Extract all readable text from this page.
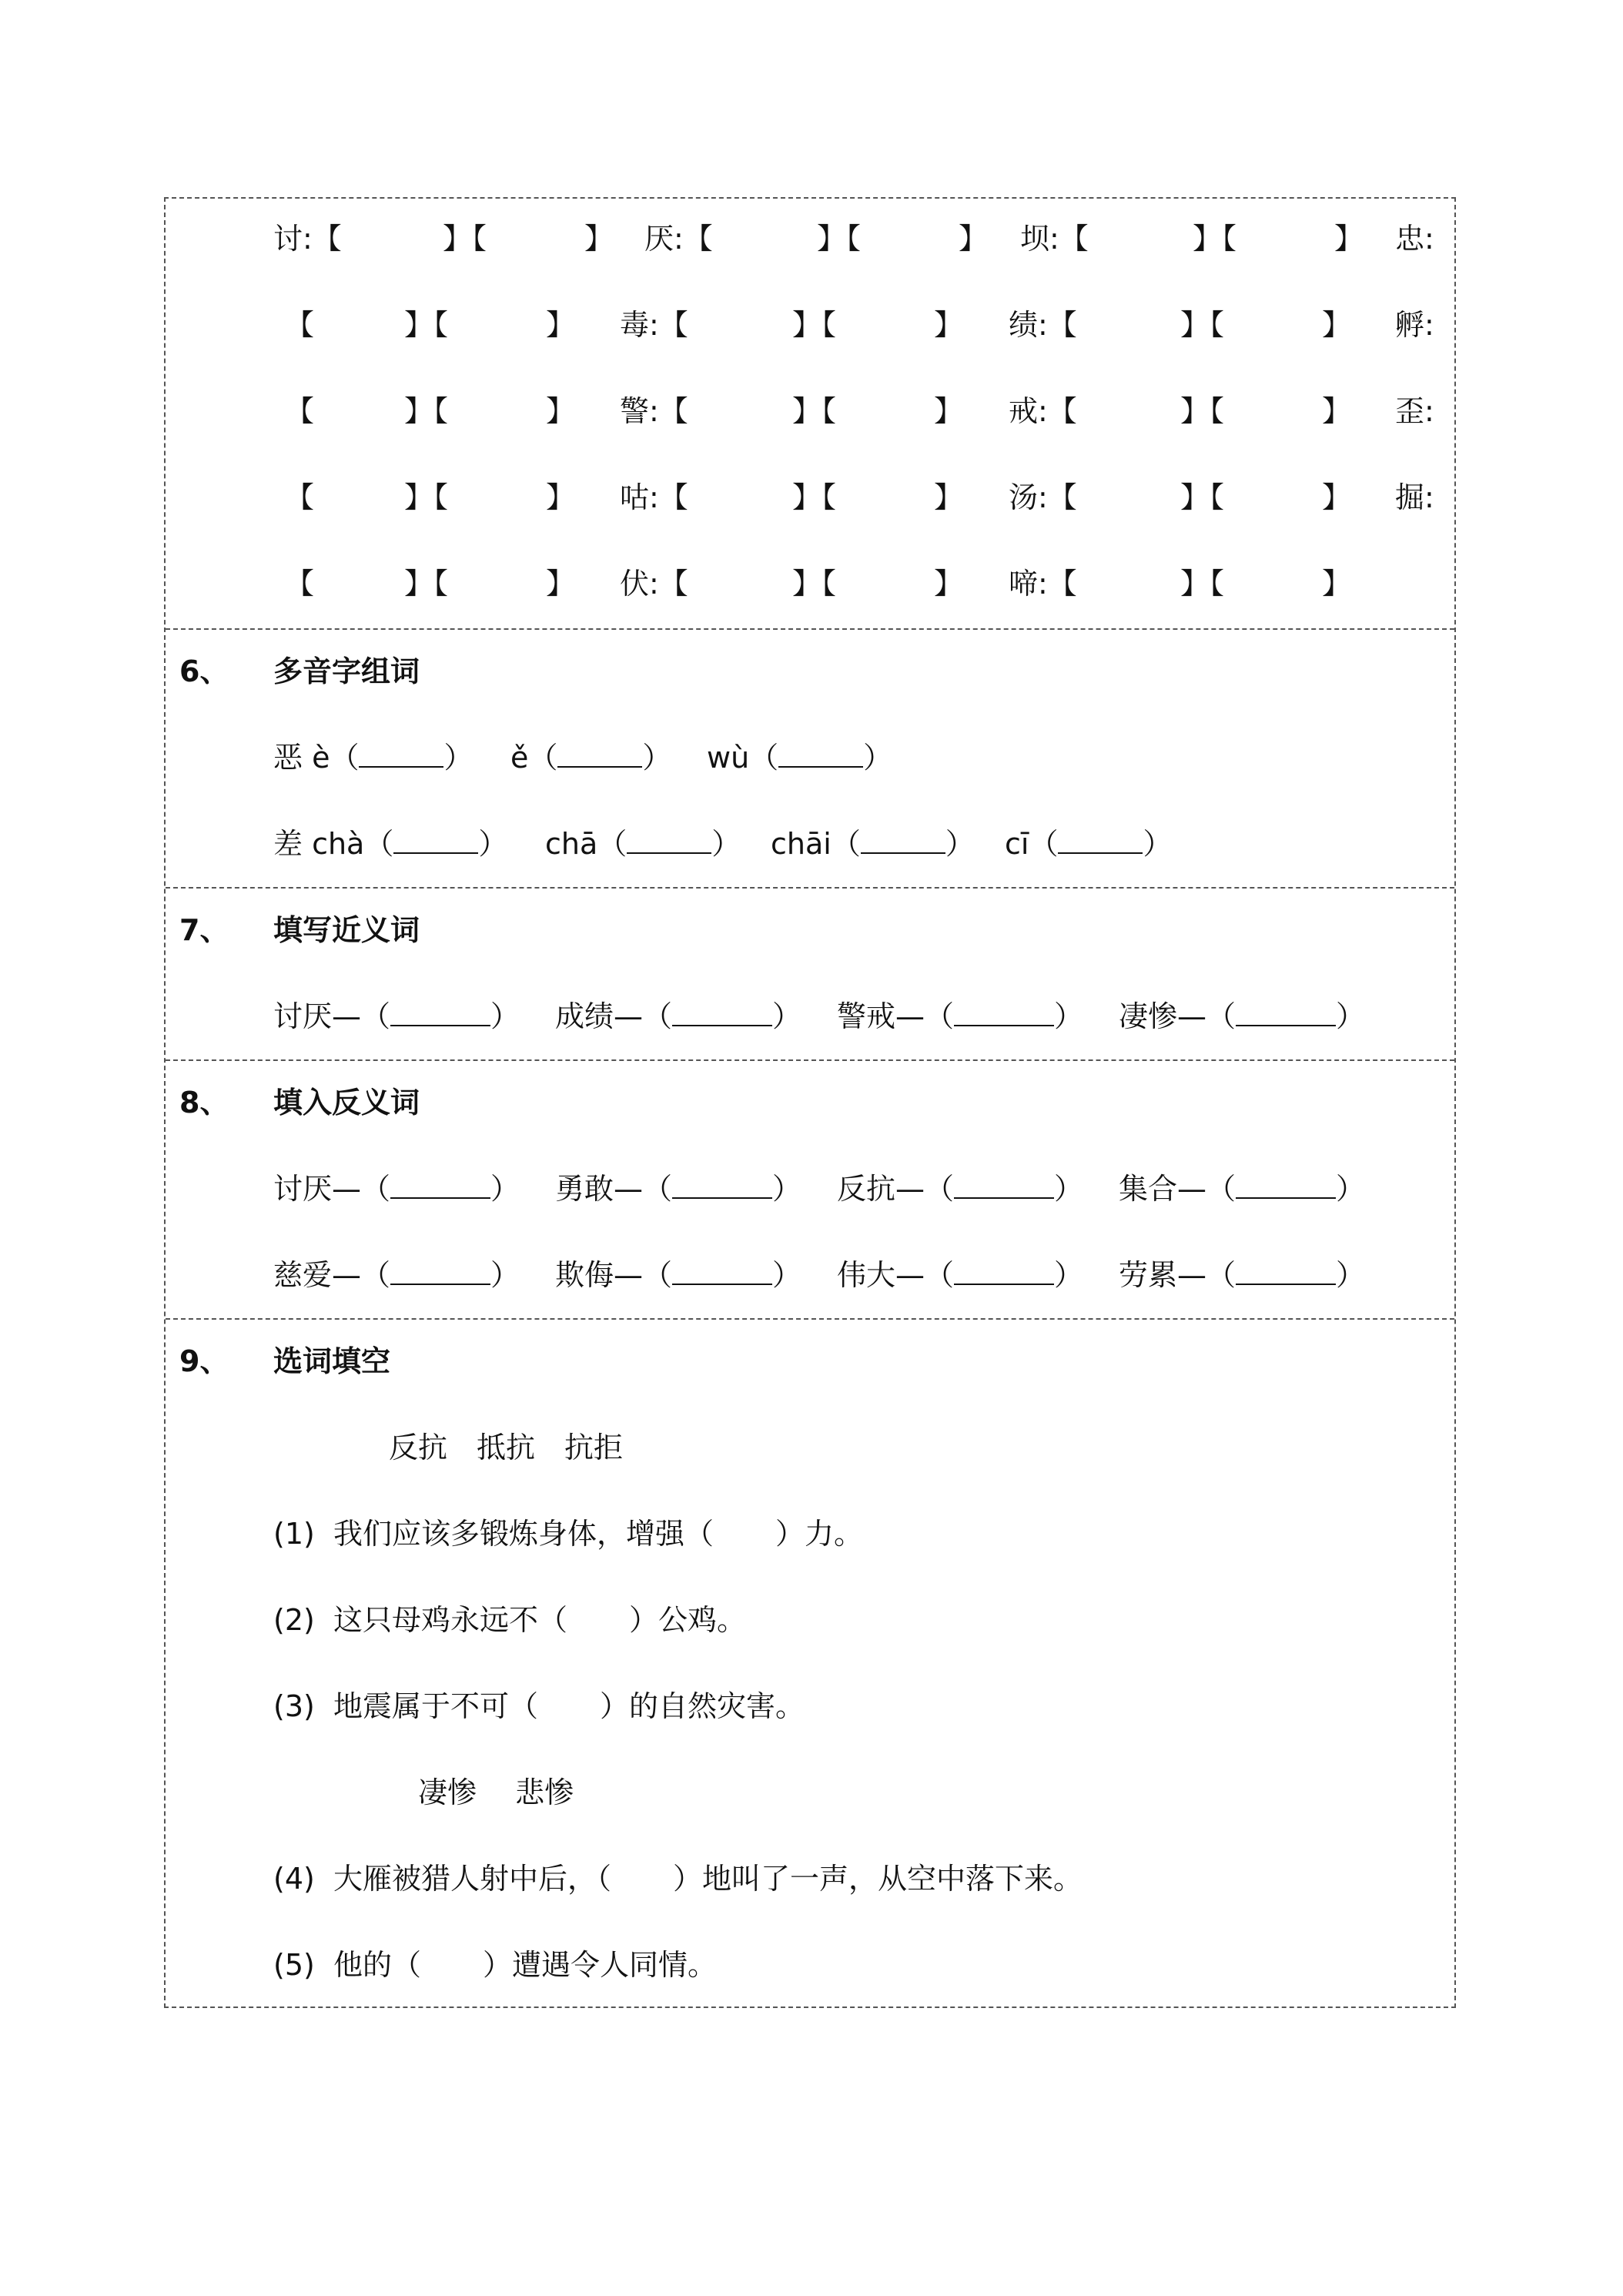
讨:【	】【	】 厌:【	】【	】 坝:【	】【	】 忠:
【	】【	】 毒:【	】【	】 绩:【	】【	】 孵:
【	】【	】 警:【	】【	】 戒:【	】【	】 歪:
【	】【	】 咕:【	】【	】 汤:【	】【	】 掘:
【	】【	】 伏:【	】【	】 啼:【	】【	】
6、 多音字组词
恶 è（	） ě（	） wù（	）
差 chà（	） chā（	） chāi（	） cī（	）
7、 填写近义词
讨厌—（	） 成绩—（	） 警戒—（	） 凄惨—（	）
8、 填入反义词
讨厌—（	） 勇敢—（	） 反抗—（	） 集合—（	）
慈爱—（	） 欺侮—（	） 伟大—（	） 劳累—（	）
9、 选词填空
反抗　抵抗　抗拒
(1) 我们应该多锻炼身体，增强（ ）力。
(2) 这只母鸡永远不（ ）公鸡。
(3) 地震属于不可（ ）的自然灾害。
凄惨　 悲惨
(4) 大雁被猎人射中后，（ ）地叫了一声，从空中落下来。
(5) 他的（ ）遭遇令人同情。
